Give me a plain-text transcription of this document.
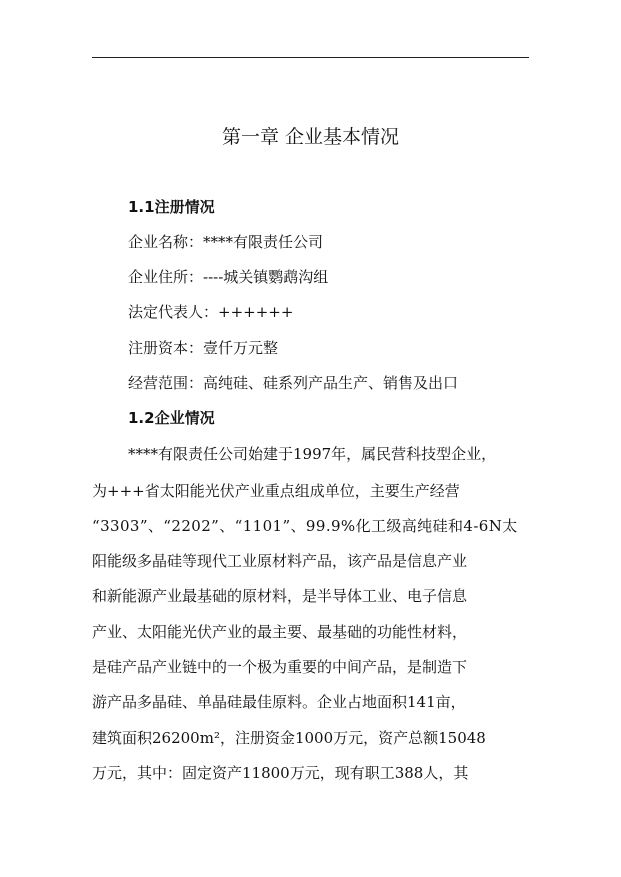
第一章 企业基本情况
1.1注册情况
企业名称：****有限责任公司
企业住所：----城关镇鹦鹉沟组
法定代表人：++++++
注册资本：壹仟万元整
经营范围：高纯硅、硅系列产品生产、销售及出口
1.2企业情况
****有限责任公司始建于1997年，属民营科技型企业，
为+++省太阳能光伏产业重点组成单位，主要生产经营
“3303”、“2202”、“1101”、99.9%化工级高纯硅和4-6N太
阳能级多晶硅等现代工业原材料产品，该产品是信息产业
和新能源产业最基础的原材料，是半导体工业、电子信息
产业、太阳能光伏产业的最主要、最基础的功能性材料，
是硅产品产业链中的一个极为重要的中间产品，是制造下
游产品多晶硅、单晶硅最佳原料。企业占地面积141亩，
建筑面积26200m²，注册资金1000万元，资产总额15048
万元，其中：固定资产11800万元，现有职工388人，其
